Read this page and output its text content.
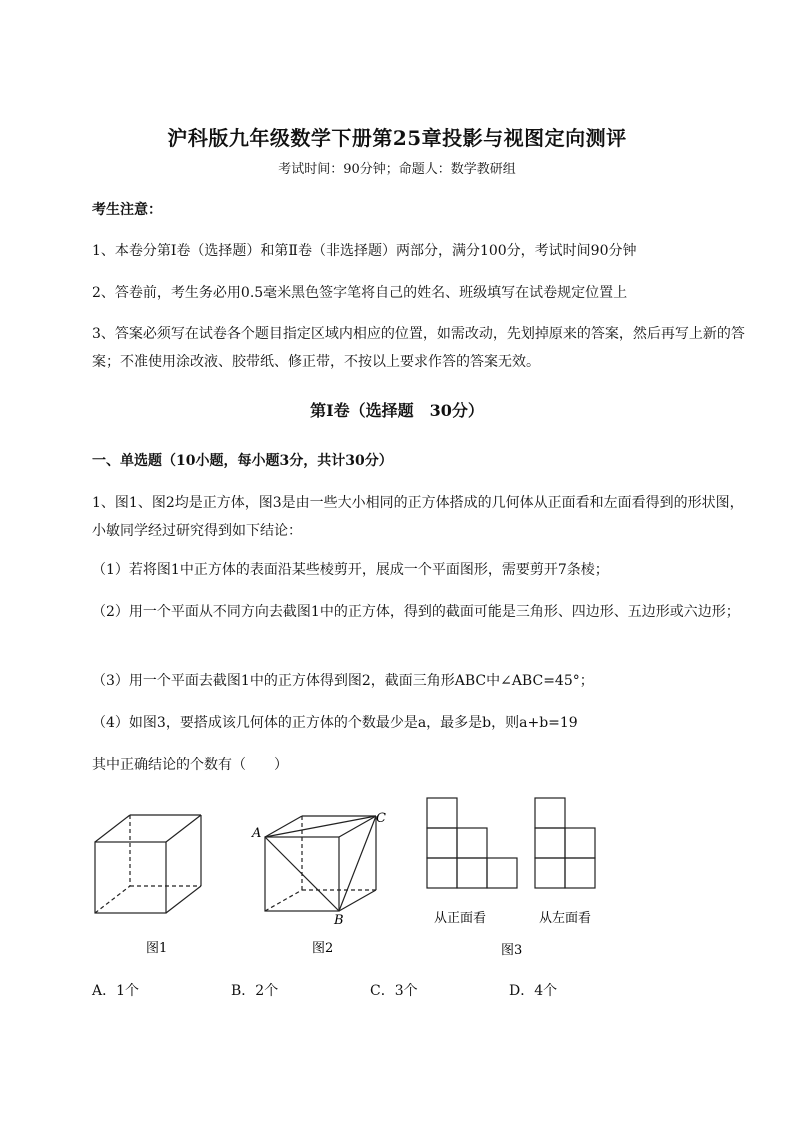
沪科版九年级数学下册第25章投影与视图定向测评
考试时间：90分钟；命题人：数学教研组
考生注意：
1、本卷分第I卷（选择题）和第Ⅱ卷（非选择题）两部分，满分100分，考试时间90分钟
2、答卷前，考生务必用0.5毫米黑色签字笔将自己的姓名、班级填写在试卷规定位置上
3、答案必须写在试卷各个题目指定区域内相应的位置，如需改动，先划掉原来的答案，然后再写上新的答案；不准使用涂改液、胶带纸、修正带，不按以上要求作答的答案无效。
第I卷（选择题　30分）
一、单选题（10小题，每小题3分，共计30分）
1、图1、图2均是正方体，图3是由一些大小相同的正方体搭成的几何体从正面看和左面看得到的形状图，小敏同学经过研究得到如下结论：
（1）若将图1中正方体的表面沿某些棱剪开，展成一个平面图形，需要剪开7条棱；
（2）用一个平面从不同方向去截图1中的正方体，得到的截面可能是三角形、四边形、五边形或六边形；
（3）用一个平面去截图1中的正方体得到图2，截面三角形ABC中∠ABC=45°；
（4）如图3，要搭成该几何体的正方体的个数最少是a，最多是b，则a+b=19
其中正确结论的个数有（　　）
图1
A
C
B
图2
从正面看	从左面看
图3
A．1个	B．2个	C．3个	D．4个
